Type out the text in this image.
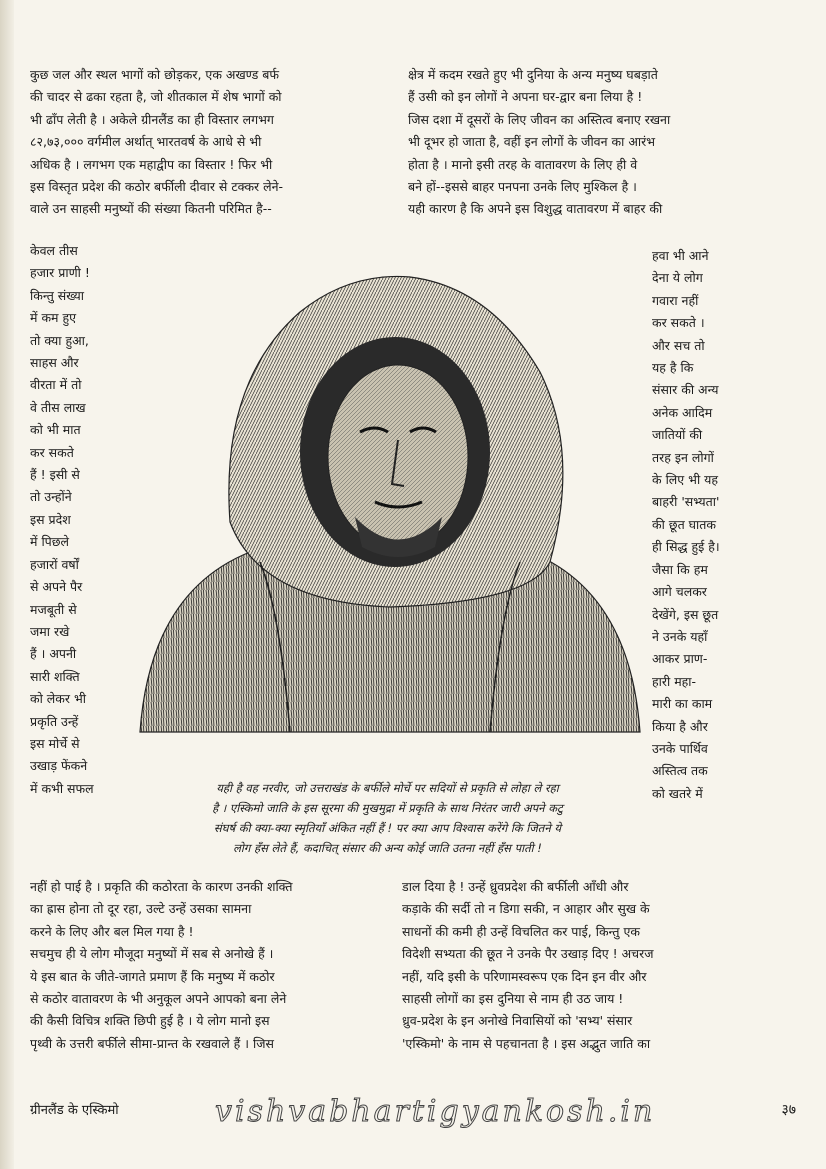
कुछ जल और स्थल भागों को छोड़कर, एक अखण्ड बर्फ
की चादर से ढका रहता है, जो शीतकाल में शेष भागों को
भी ढाँप लेती है । अकेले ग्रीनलैंड का ही विस्तार लगभग
८२,७३,००० वर्गमील अर्थात् भारतवर्ष के आधे से भी
अधिक है । लगभग एक महाद्वीप का विस्तार ! फिर भी
इस विस्तृत प्रदेश की कठोर बर्फीली दीवार से टक्कर लेने-
वाले उन साहसी मनुष्यों की संख्या कितनी परिमित है--
क्षेत्र में कदम रखते हुए भी दुनिया के अन्य मनुष्य घबड़ाते
हैं उसी को इन लोगों ने अपना घर-द्वार बना लिया है !
जिस दशा में दूसरों के लिए जीवन का अस्तित्व बनाए रखना
भी दूभर हो जाता है, वहीं इन लोगों के जीवन का आरंभ
होता है । मानो इसी तरह के वातावरण के लिए ही वे
बने हों--इससे बाहर पनपना उनके लिए मुश्किल है ।
यही कारण है कि अपने इस विशुद्ध वातावरण में बाहर की
केवल तीस
हजार प्राणी !
किन्तु संख्या
में कम हुए
तो क्या हुआ,
साहस और
वीरता में तो
वे तीस लाख
को भी मात
कर सकते
हैं ! इसी से
तो उन्होंने
इस प्रदेश
में पिछले
हजारों वर्षों
से अपने पैर
मजबूती से
जमा रखे
हैं । अपनी
सारी शक्ति
को लेकर भी
प्रकृति उन्हें
इस मोर्चे से
उखाड़ फेंकने
में कभी सफल
हवा भी आने
देना ये लोग
गवारा नहीं
कर सकते ।
और सच तो
यह है कि
संसार की अन्य
अनेक आदिम
जातियों की
तरह इन लोगों
के लिए भी यह
बाहरी 'सभ्यता'
की छूत घातक
ही सिद्ध हुई है।
जैसा कि हम
आगे चलकर
देखेंगे, इस छूत
ने उनके यहाँ
आकर प्राण-
हारी महा-
मारी का काम
किया है और
उनके पार्थिव
अस्तित्व तक
को खतरे में
यही है वह नरवीर, जो उत्तराखंड के बर्फीले मोर्चे पर सदियों से प्रकृति से लोहा ले रहा
है । एस्किमो जाति के इस सूरमा की मुखमुद्रा में प्रकृति के साथ निरंतर जारी अपने कटु
संघर्ष की क्या-क्या स्मृतियाँ अंकित नहीं हैं ! पर क्या आप विश्वास करेंगे कि जितने ये
लोग हँस लेते हैं, कदाचित् संसार की अन्य कोई जाति उतना नहीं हँस पाती !
नहीं हो पाई है । प्रकृति की कठोरता के कारण उनकी शक्ति
का ह्रास होना तो दूर रहा, उल्टे उन्हें उसका सामना
करने के लिए और बल मिल गया है !
सचमुच ही ये लोग मौजूदा मनुष्यों में सब से अनोखे हैं ।
ये इस बात के जीते-जागते प्रमाण हैं कि मनुष्य में कठोर
से कठोर वातावरण के भी अनुकूल अपने आपको बना लेने
की कैसी विचित्र शक्ति छिपी हुई है । ये लोग मानो इस
पृथ्वी के उत्तरी बर्फीले सीमा-प्रान्त के रखवाले हैं । जिस
डाल दिया है ! उन्हें ध्रुवप्रदेश की बर्फीली आँधी और
कड़ाके की सर्दी तो न डिगा सकी, न आहार और सुख के
साधनों की कमी ही उन्हें विचलित कर पाई, किन्तु एक
विदेशी सभ्यता की छूत ने उनके पैर उखाड़ दिए ! अचरज
नहीं, यदि इसी के परिणामस्वरूप एक दिन इन वीर और
साहसी लोगों का इस दुनिया से नाम ही उठ जाय !
ध्रुव-प्रदेश के इन अनोखे निवासियों को 'सभ्य' संसार
'एस्किमो' के नाम से पहचानता है । इस अद्भुत जाति का
ग्रीनलैंड के एस्किमो	vishvabhartigyankosh.in	३७
